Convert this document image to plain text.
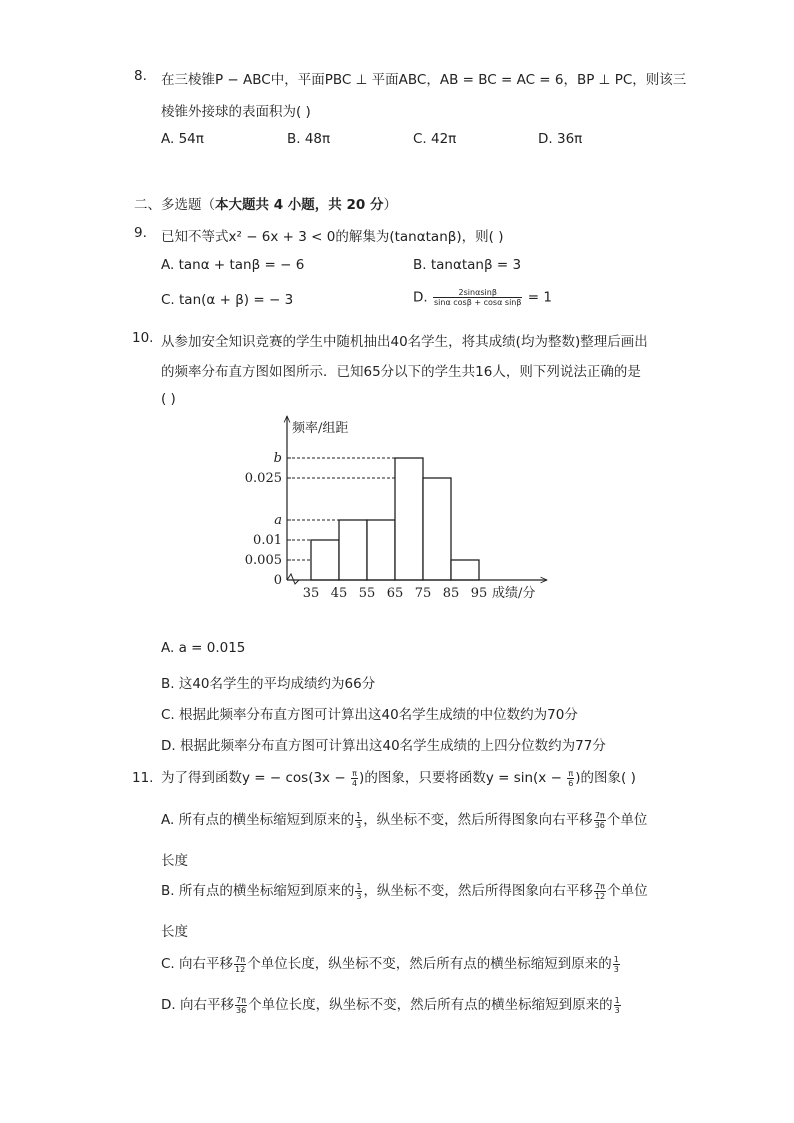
8. 在三棱锥P − ABC中，平面PBC ⊥ 平面ABC，AB = BC = AC = 6，BP ⊥ PC，则该三
棱锥外接球的表面积为( )
A. 54π	B. 48π	C. 42π	D. 36π
二、多选题（本大题共 4 小题，共 20 分）
9. 已知不等式x² − 6x + 3 < 0的解集为(tanαtanβ)，则( )
A. tanα + tanβ = − 6	B. tanαtanβ = 3
C. tan(α + β) = − 3	D. $\frac{2\sin\alpha\sin\beta}{\text{sinα cosβ + cosα sinβ}} = 1$
10. 从参加安全知识竞赛的学生中随机抽出40名学生，将其成绩(均为整数)整理后画出
的频率分布直方图如图所示．已知65分以下的学生共16人，则下列说法正确的是
( )
0
0.005
0.01
a
0.025
b
35 45 55 65 75 85 95
频率/组距
成绩/分
A. a = 0.015
B. 这40名学生的平均成绩约为66分
C. 根据此频率分布直方图可计算出这40名学生成绩的中位数约为70分
D. 根据此频率分布直方图可计算出这40名学生成绩的上四分位数约为77分
11. 为了得到函数y = − $\cos(3x - \frac{\pi}{4}$ )的图象，只要将函数$y = \sin(x - \frac{\pi}{6}$ )的图象( )
A. 所有点的横坐标缩短到原来的 $\frac{1}{3}$ ，纵坐标不变，然后所得图象向右平移 $\frac{7\pi}{36}$ 个单位
长度
B. 所有点的横坐标缩短到原来的 $\frac{1}{3}$ ，纵坐标不变，然后所得图象向右平移 $\frac{7\pi}{12}$ 个单位
长度
C. 向右平移 $\frac{7\pi}{12}$ 个单位长度，纵坐标不变，然后所有点的横坐标缩短到原来的 $\frac{1}{3}$
D. 向右平移 $\frac{7\pi}{36}$ 个单位长度，纵坐标不变，然后所有点的横坐标缩短到原来的 $\frac{1}{3}$
